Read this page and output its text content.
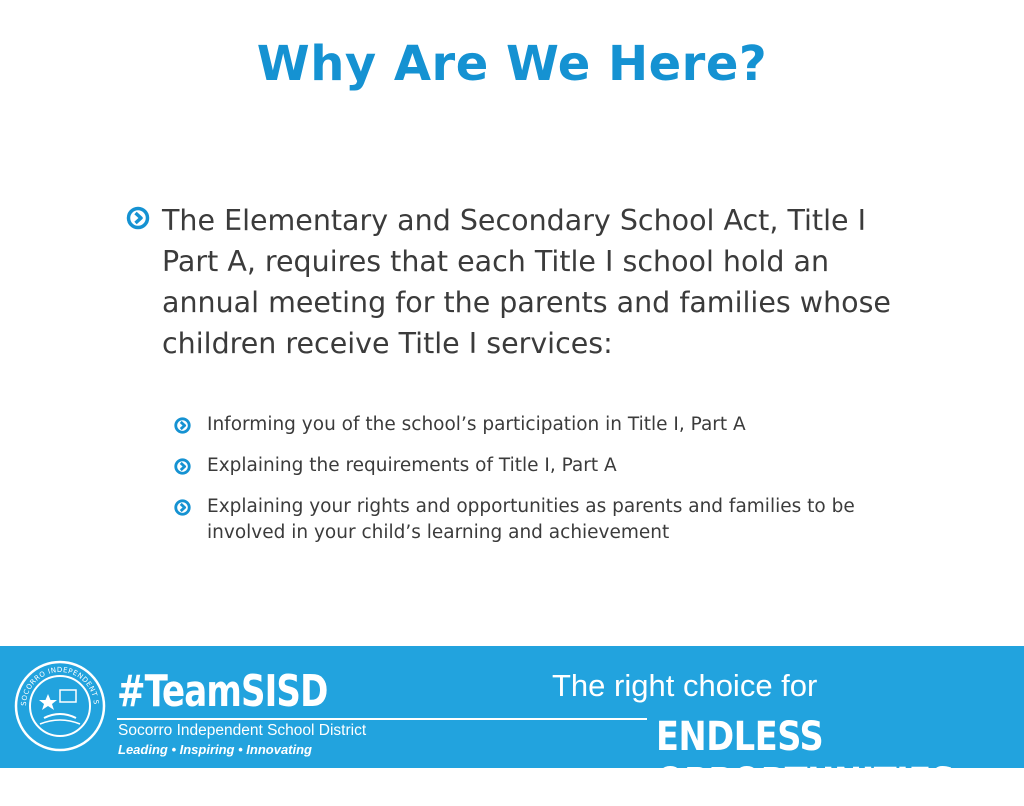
Why Are We Here?
The Elementary and Secondary School Act, Title I Part A, requires that each Title I school hold an annual meeting for the parents and families whose children receive Title I services:
Informing you of the school’s participation in Title I, Part A
Explaining the requirements of Title I, Part A
Explaining your rights and opportunities as parents and families to be involved in your child’s learning and achievement
SOCORRO INDEPENDENT S #TeamSISD
Socorro Independent School District
Leading • Inspiring • Innovating
The right choice for
ENDLESS OPPORTUNITIES.
